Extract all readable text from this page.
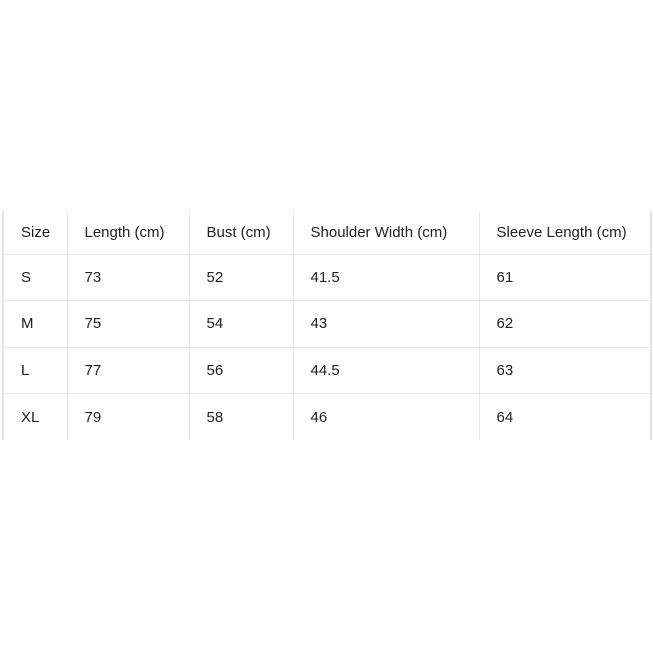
Size	Length (cm)	Bust (cm)	Shoulder Width (cm)	Sleeve Length (cm)
S	73	52	41.5	61
M	75	54	43	62
L	77	56	44.5	63
XL	79	58	46	64
